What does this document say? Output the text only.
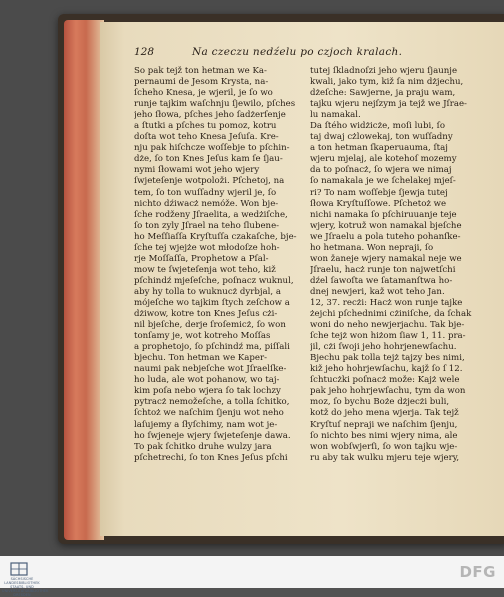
128	Na czeczu nedźelu po czjoch kralach.
So pak tejž ton hetman we Ka-
pernaumi de Jesom Krysta, na-
ſcheho Knesa, je wjeril, je ſo wo
runje tajkim waſchnju ſjewilo, pſches
jeho ſłowa, pſches jeho ſadżerſenje
a ſtutki a pſches tu pomoz, kotru
doſta wot teho Knesa Jeſuſa. Kre-
nju pak hiſchcze woſſebje to pſchin-
dże, ſo ton Knes Jeſus kam ſe ſjau-
nymi ſłowami wot jeho wjery
ſwjeteſenje wotpoloži. Pſchetoj, na
tem, ſo ton wuſſadny wjeril je, ſo
nichto dźiwacż nemóže. Won bje-
ſche rodženy Jſraelita, a wedżiſche,
ſo ton zyly Jſrael na teho ſlubene-
ho Meſſiaſſa Kryſtuſſa czakaſche, bje-
ſche tej wjejże wot młodoſze hoh-
rje Moſſaſſa, Prophetow a Pſal-
mow te ſwjeteſenja wot teho, kiž
pſchindź mjeſeſche, poſnacz wuknul,
aby hy tolla to wuknucż dyrbjal, a
mójeſche wo tajkim ſtych zeſchow a
dżiwow, kotre ton Knes Jeſus cżi-
nil bjeſche, derje ſroſemicż, ſo won
tonſamy je, wot kotreho Moſſas
a prophetojo, ſo pſchindź ma, piſſali
bjechu. Ton hetman we Kaper-
naumi pak nebjeſche wot Jſraelſke-
ho luda, ale wot pohanow, wo taj-
kim poſa nebo wjera ſo tak lochzy
pytracż nemožeſche, a tolla ſchitko,
ſchtoż we naſchim ſjenju wot neho
laſujemy a ſłyſchimy, nam wot je-
ho ſwjeneje wjery ſwjeteſenje dawa.
To pak ſchitko druhe wulzy jara
pſchetrechi, ſo ton Knes Jeſus pſchi
tutej ſkladnoſzi jeho wjeru ſjaunje
kwali, jako tym, kiž ſa nim dżjechu,
dżeſche: Sawjerne, ja praju wam,
tajku wjeru nejſzym ja tejž we Jſrae-
lu namakal.
Da ſtého widżicże, moſi lubi, ſo
taj dwaj cżlowekaj, ton wuſſadny
a ton hetman ſkaperuauma, ſtaj
wjeru mjelaj, ale kotehoſ mozemy
da to poſnacż, ſo wjera we nimaj
ſo namakala je we ſchelakej mjeſ-
ri? To nam woſſebje ſjewja tutej
ſłowa Kryſtuſſowe. Pſchetoż we
nichi namaka ſo pſchiruuanje teje
wjery, kotruž won namakal bjeſche
we Jſraelu a pola tuteho pohanſke-
ho hetmana. Won nepraji, ſo
won žaneje wjery namakal neje we
Jſraelu, hacż runje ton najwetſchi
dźel ſawoſta we ſatamanſtwa ho-
dnej newjeri, kaž wot teho Jan.
12, 37. recżi: Hacż won runje tajke
żejchi pſchednimi cżiniſche, da ſchak
woni do neho newjerjachu. Tak bje-
ſche tejż won hiżom ſiaw 1, 11. pra-
jil, cżi ſwoji jeho hohrjenewſachu.
Bjechu pak tolla tejż tajzy bes nimi,
kiž jeho hohrjewſachu, kajž ſo ſ 12.
ſchtucżki poſnacż može: Kajż wele
pak jeho hohrjewſachu, tym da won
moz, ſo bychu Boże dżjecżi buli,
kotž do jeho mena wjerja. Tak tejž
Kryſtuſ nepraji we naſchim ſjenju,
ſo nichto bes nimi wjery nima, ale
won wobſwjerſi, ſo won tajku wje-
ru aby tak wulku mjeru teje wjery,
SÄCHSISCHE LANDESBIBLIOTHEK STAATS- UND UNIVERSITÄTSBIBLIOTHEK DRESDEN
DFG
